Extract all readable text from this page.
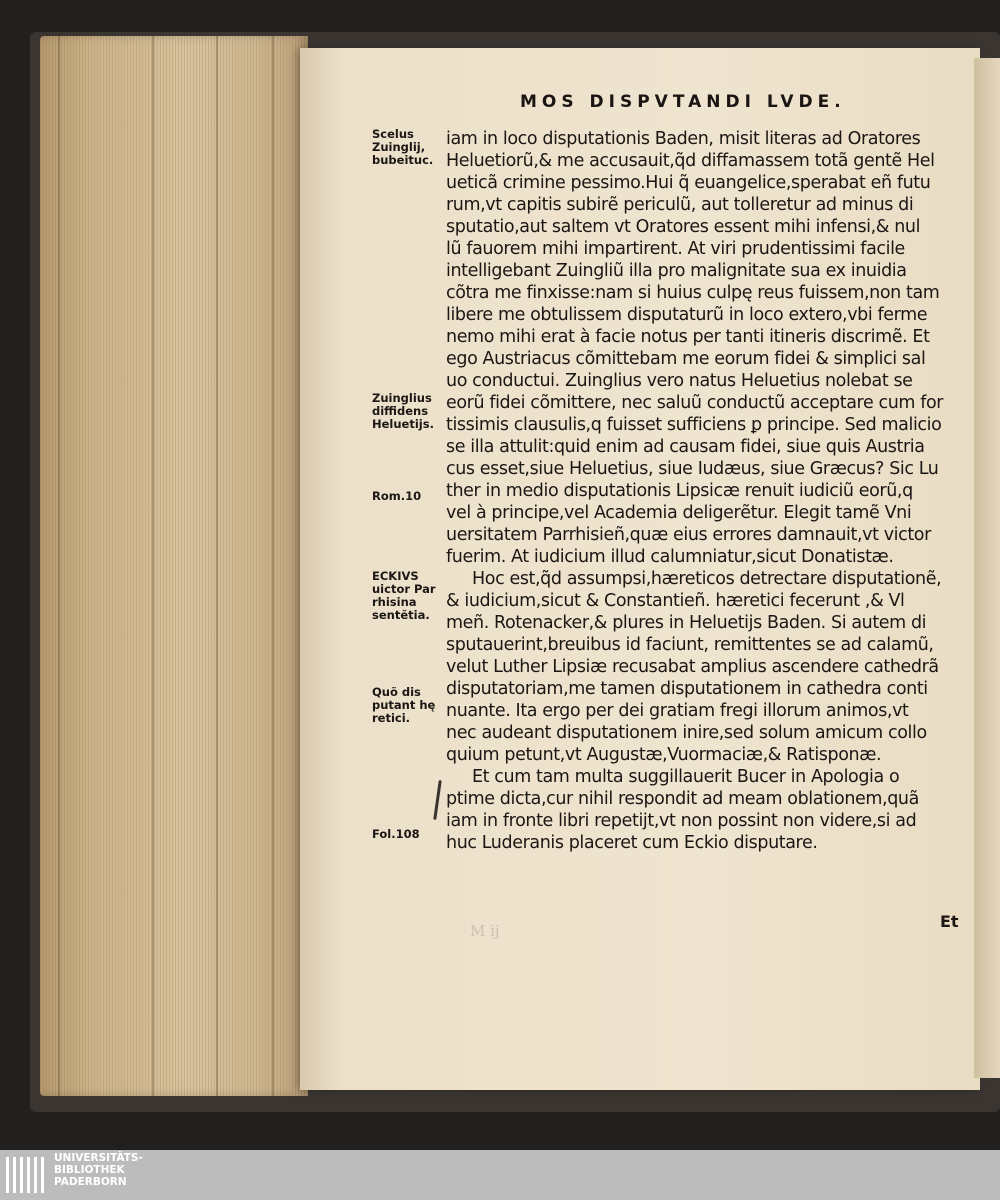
MOS DISPVTANDI LVDE.
Scelus Zuinglij, bubeituc.
Zuinglius diffidens Heluetijs.
Rom.10
ECKIVS uictor Par rhisina sentĕtia.
Quõ dis putant hę retici.
Fol.108
iam in loco disputationis Baden, misit literas ad Oratores
Heluetiorũ,& me accusauit,q̃d diffamassem totã gentẽ Hel
ueticã crimine pessimo.Hui q̃ euangelice,sperabat eñ futu
rum,vt capitis subirẽ periculũ, aut tolleretur ad minus di
sputatio,aut saltem vt Oratores essent mihi infensi,& nul
lũ fauorem mihi impartirent. At viri prudentissimi facile
intelligebant Zuingliũ illa pro malignitate sua ex inuidia
cõtra me finxisse:nam si huius culpę reus fuissem,non tam
libere me obtulissem disputaturũ in loco extero,vbi ferme
nemo mihi erat à facie notus per tanti itineris discrimẽ. Et
ego Austriacus cõmittebam me eorum fidei & simplici sal
uo conductui. Zuinglius vero natus Heluetius nolebat se
eorũ fidei cõmittere, nec saluũ conductũ acceptare cum for
tissimis clausulis,q fuisset sufficiens ꝑ principe. Sed malicio
se illa attulit:quid enim ad causam fidei, siue quis Austria
cus esset,siue Heluetius, siue Iudæus, siue Græcus? Sic Lu
ther in medio disputationis Lipsicæ renuit iudiciũ eorũ,q
vel à principe,vel Academia deligerẽtur. Elegit tamẽ Vni
uersitatem Parrhisieñ,quæ eius errores damnauit,vt victor
fuerim. At iudicium illud calumniatur,sicut Donatistæ.
Hoc est,q̃d assumpsi,hæreticos detrectare disputationẽ,
& iudicium,sicut & Constantieñ. hæretici fecerunt ,& Vl
meñ. Rotenacker,& plures in Heluetijs Baden. Si autem di
sputauerint,breuibus id faciunt, remittentes se ad calamũ,
velut Luther Lipsiæ recusabat amplius ascendere cathedrã
disputatoriam,me tamen disputationem in cathedra conti
nuante. Ita ergo per dei gratiam fregi illorum animos,vt
nec audeant disputationem inire,sed solum amicum collo
quium petunt,vt Augustæ,Vuormaciæ,& Ratisponæ.
Et cum tam multa suggillauerit Bucer in Apologia o
ptime dicta,cur nihil respondit ad meam oblationem,quã
iam in fronte libri repetijt,vt non possint non videre,si ad
huc Luderanis placeret cum Eckio disputare.
M ij	Et
UNIVERSITÄTS-
BIBLIOTHEK
PADERBORN
